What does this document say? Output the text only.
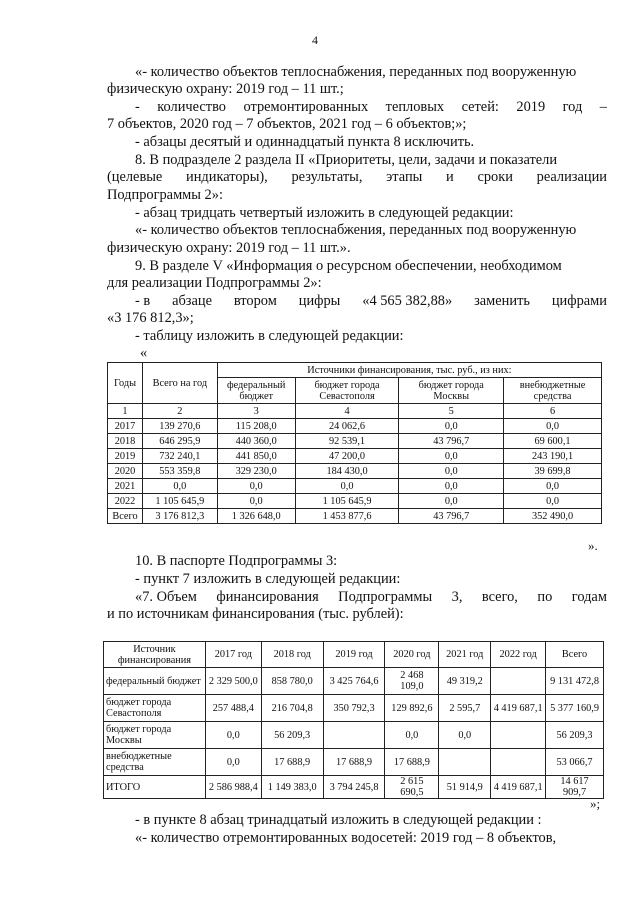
4
«- количество объектов теплоснабжения, переданных под вооруженную
физическую охрану: 2019 год – 11 шт.;
- количество отремонтированных тепловых сетей: 2019 год –
7 объектов, 2020 год – 7 объектов, 2021 год – 6 объектов;»;
- абзацы десятый и одиннадцатый пункта 8 исключить.
8. В подразделе 2 раздела II «Приоритеты, цели, задачи и показатели
(целевые индикаторы), результаты, этапы и сроки реализации
Подпрограммы 2»:
- абзац тридцать четвертый изложить в следующей редакции:
«- количество объектов теплоснабжения, переданных под вооруженную
физическую охрану: 2019 год – 11 шт.».
9. В разделе V «Информация о ресурсном обеспечении, необходимом
для реализации Подпрограммы 2»:
- в абзаце втором цифры «4 565 382,88» заменить цифрами
«3 176 812,3»;
- таблицу изложить в следующей редакции:
«
Годы	Всего на год	Источники финансирования, тыс. руб., из них:			
		федеральный бюджет	бюджет города Севастополя	бюджет города Москвы	внебюджетные средства
1	2	3	4	5	6
2017	139 270,6	115 208,0	24 062,6	0,0	0,0
2018	646 295,9	440 360,0	92 539,1	43 796,7	69 600,1
2019	732 240,1	441 850,0	47 200,0	0,0	243 190,1
2020	553 359,8	329 230,0	184 430,0	0,0	39 699,8
2021	0,0	0,0	0,0	0,0	0,0
2022	1 105 645,9	0,0	1 105 645,9	0,0	0,0
Всего	3 176 812,3	1 326 648,0	1 453 877,6	43 796,7	352 490,0
».
10. В паспорте Подпрограммы 3:
- пункт 7 изложить в следующей редакции:
«7. Объем финансирования Подпрограммы 3, всего, по годам
и по источникам финансирования (тыс. рублей):
Источник финансирования	2017 год	2018 год	2019 год	2020 год	2021 год	2022 год	Всего
федеральный бюджет	2 329 500,0	858 780,0	3 425 764,6	2 468 109,0	49 319,2		9 131 472,8
бюджет города Севастополя	257 488,4	216 704,8	350 792,3	129 892,6	2 595,7	4 419 687,1	5 377 160,9
бюджет города Москвы	0,0	56 209,3		0,0	0,0		56 209,3
внебюджетные средства	0,0	17 688,9	17 688,9	17 688,9			53 066,7
ИТОГО	2 586 988,4	1 149 383,0	3 794 245,8	2 615 690,5	51 914,9	4 419 687,1	14 617 909,7
»;
- в пункте 8 абзац тринадцатый изложить в следующей редакции :
«- количество отремонтированных водосетей: 2019 год – 8 объектов,
